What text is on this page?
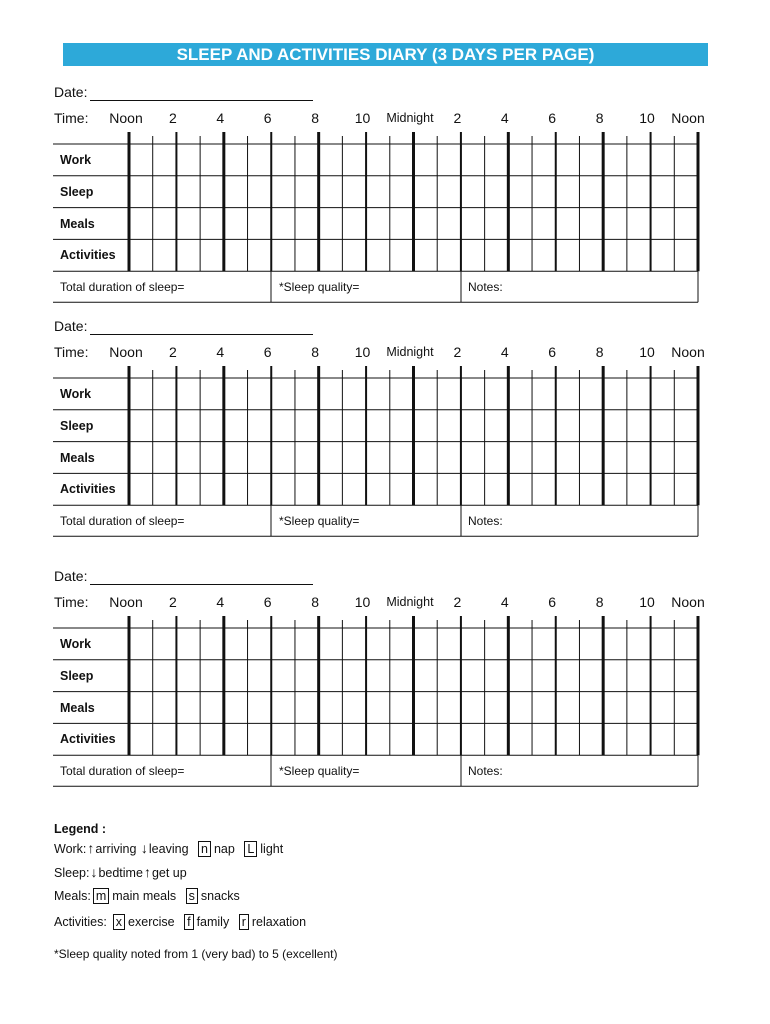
SLEEP AND ACTIVITIES DIARY (3 DAYS PER PAGE)
Date:
Time: Noon 2	4	6	8	10 Midnight 2	4	6	8	10 Noon
Work
Sleep
Meals
Activities
Total duration of sleep=	*Sleep quality=	Notes:
Date:
Time: Noon 2	4	6	8	10 Midnight 2	4	6	8	10 Noon
Work
Sleep
Meals
Activities
Total duration of sleep=	*Sleep quality=	Notes:
Date:
Time: Noon 2	4	6	8	10 Midnight 2	4	6	8	10 Noon
Work
Sleep
Meals
Activities
Total duration of sleep=	*Sleep quality=	Notes:
Legend :
Work:↑arriving ↓leaving n nap L light
Sleep:↓bedtime↑get up
Meals: m main meals s snacks
Activities: x exercise f family r relaxation
*Sleep quality noted from 1 (very bad) to 5 (excellent)
